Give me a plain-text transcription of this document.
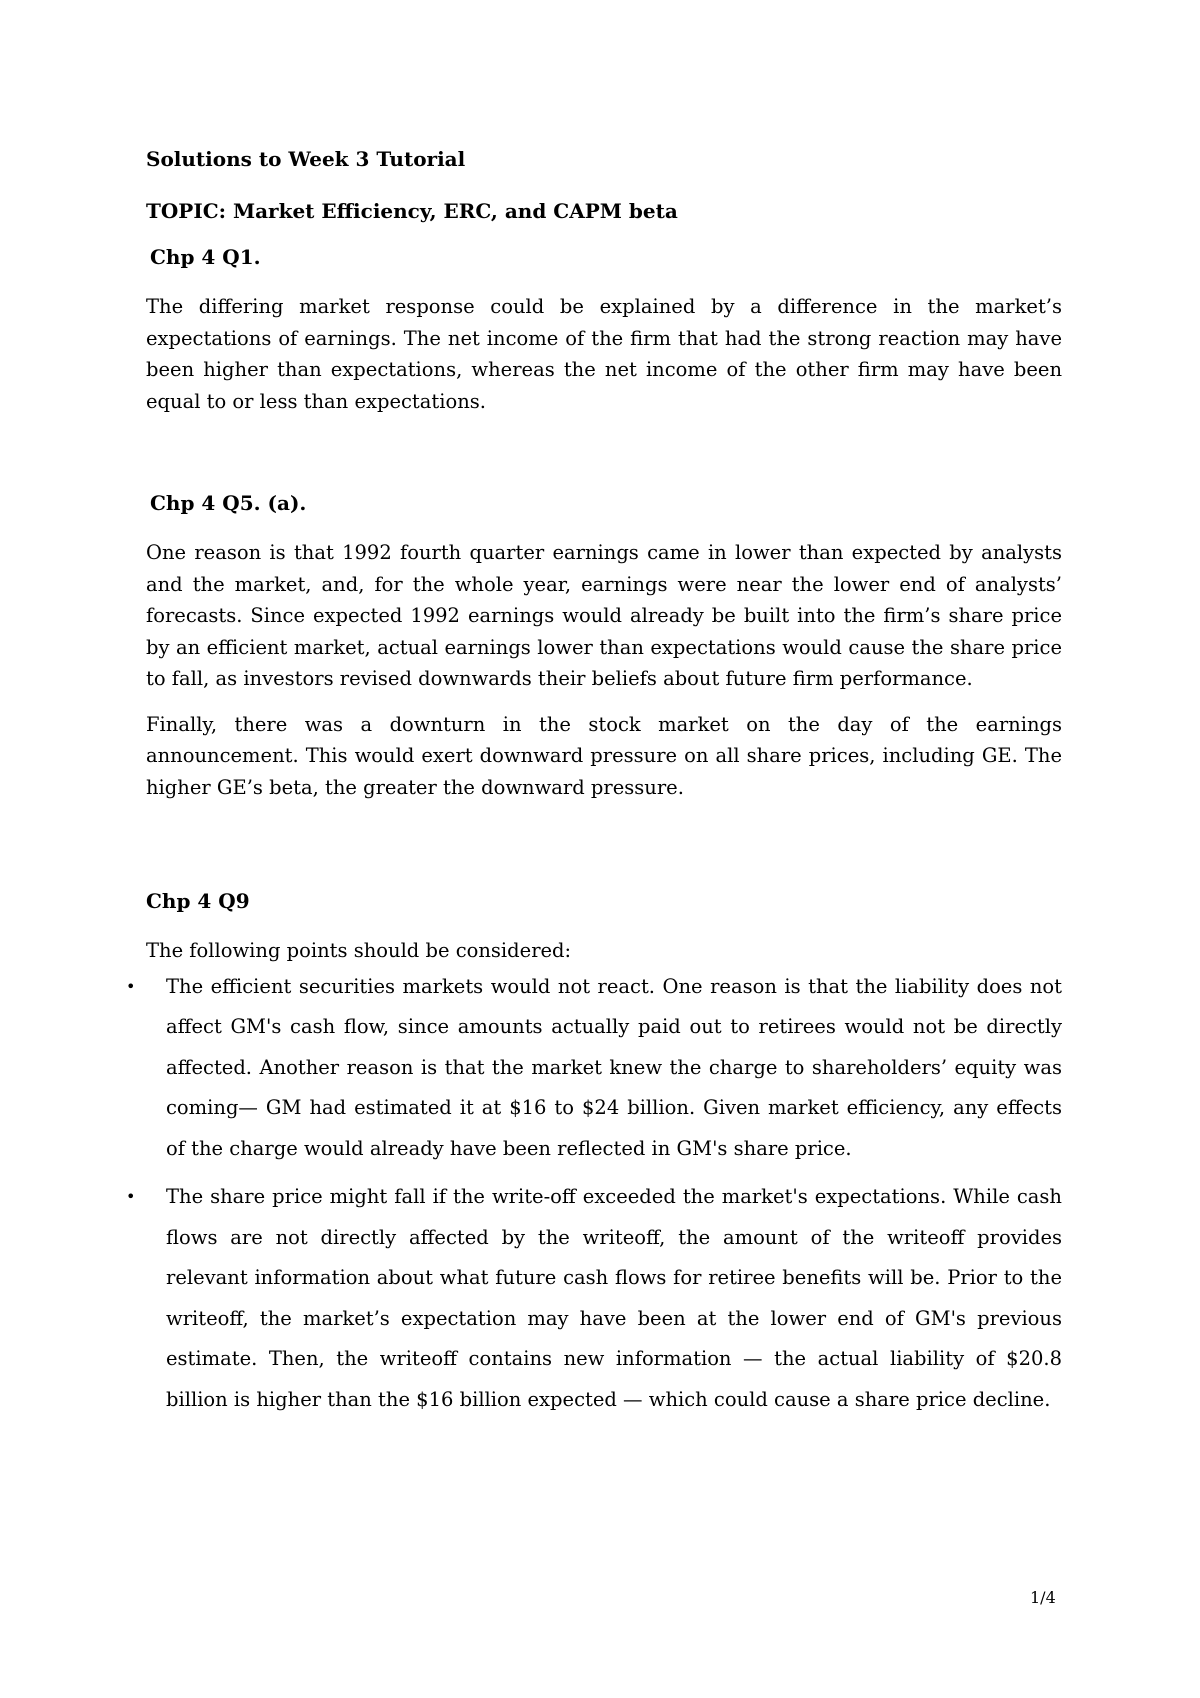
Solutions to Week 3 Tutorial
TOPIC: Market Efficiency, ERC, and CAPM beta
Chp 4 Q1.

The differing market response could be explained by a difference in the market’s expectations of earnings. The net income of the firm that had the strong reaction may have been higher than expectations, whereas the net income of the other firm may have been equal to or less than expectations.

Chp 4 Q5. (a).

One reason is that 1992 fourth quarter earnings came in lower than expected by analysts and the market, and, for the whole year, earnings were near the lower end of analysts’ forecasts. Since expected 1992 earnings would already be built into the firm’s share price by an efficient market, actual earnings lower than expectations would cause the share price to fall, as investors revised downwards their beliefs about future firm performance.

Finally, there was a downturn in the stock market on the day of the earnings announcement. This would exert downward pressure on all share prices, including GE. The higher GE’s beta, the greater the downward pressure.

Chp 4 Q9

The following points should be considered:

• The efficient securities markets would not react. One reason is that the liability does not affect GM's cash flow, since amounts actually paid out to retirees would not be directly affected. Another reason is that the market knew the charge to shareholders’ equity was coming— GM had estimated it at $16 to $24 billion. Given market efficiency, any effects of the charge would already have been reflected in GM's share price.
• The share price might fall if the write-off exceeded the market's expectations. While cash flows are not directly affected by the writeoff, the amount of the writeoff provides relevant information about what future cash flows for retiree benefits will be. Prior to the writeoff, the market’s expectation may have been at the lower end of GM's previous estimate. Then, the writeoff contains new information — the actual liability of $20.8 billion is higher than the $16 billion expected — which could cause a share price decline.
1/4
